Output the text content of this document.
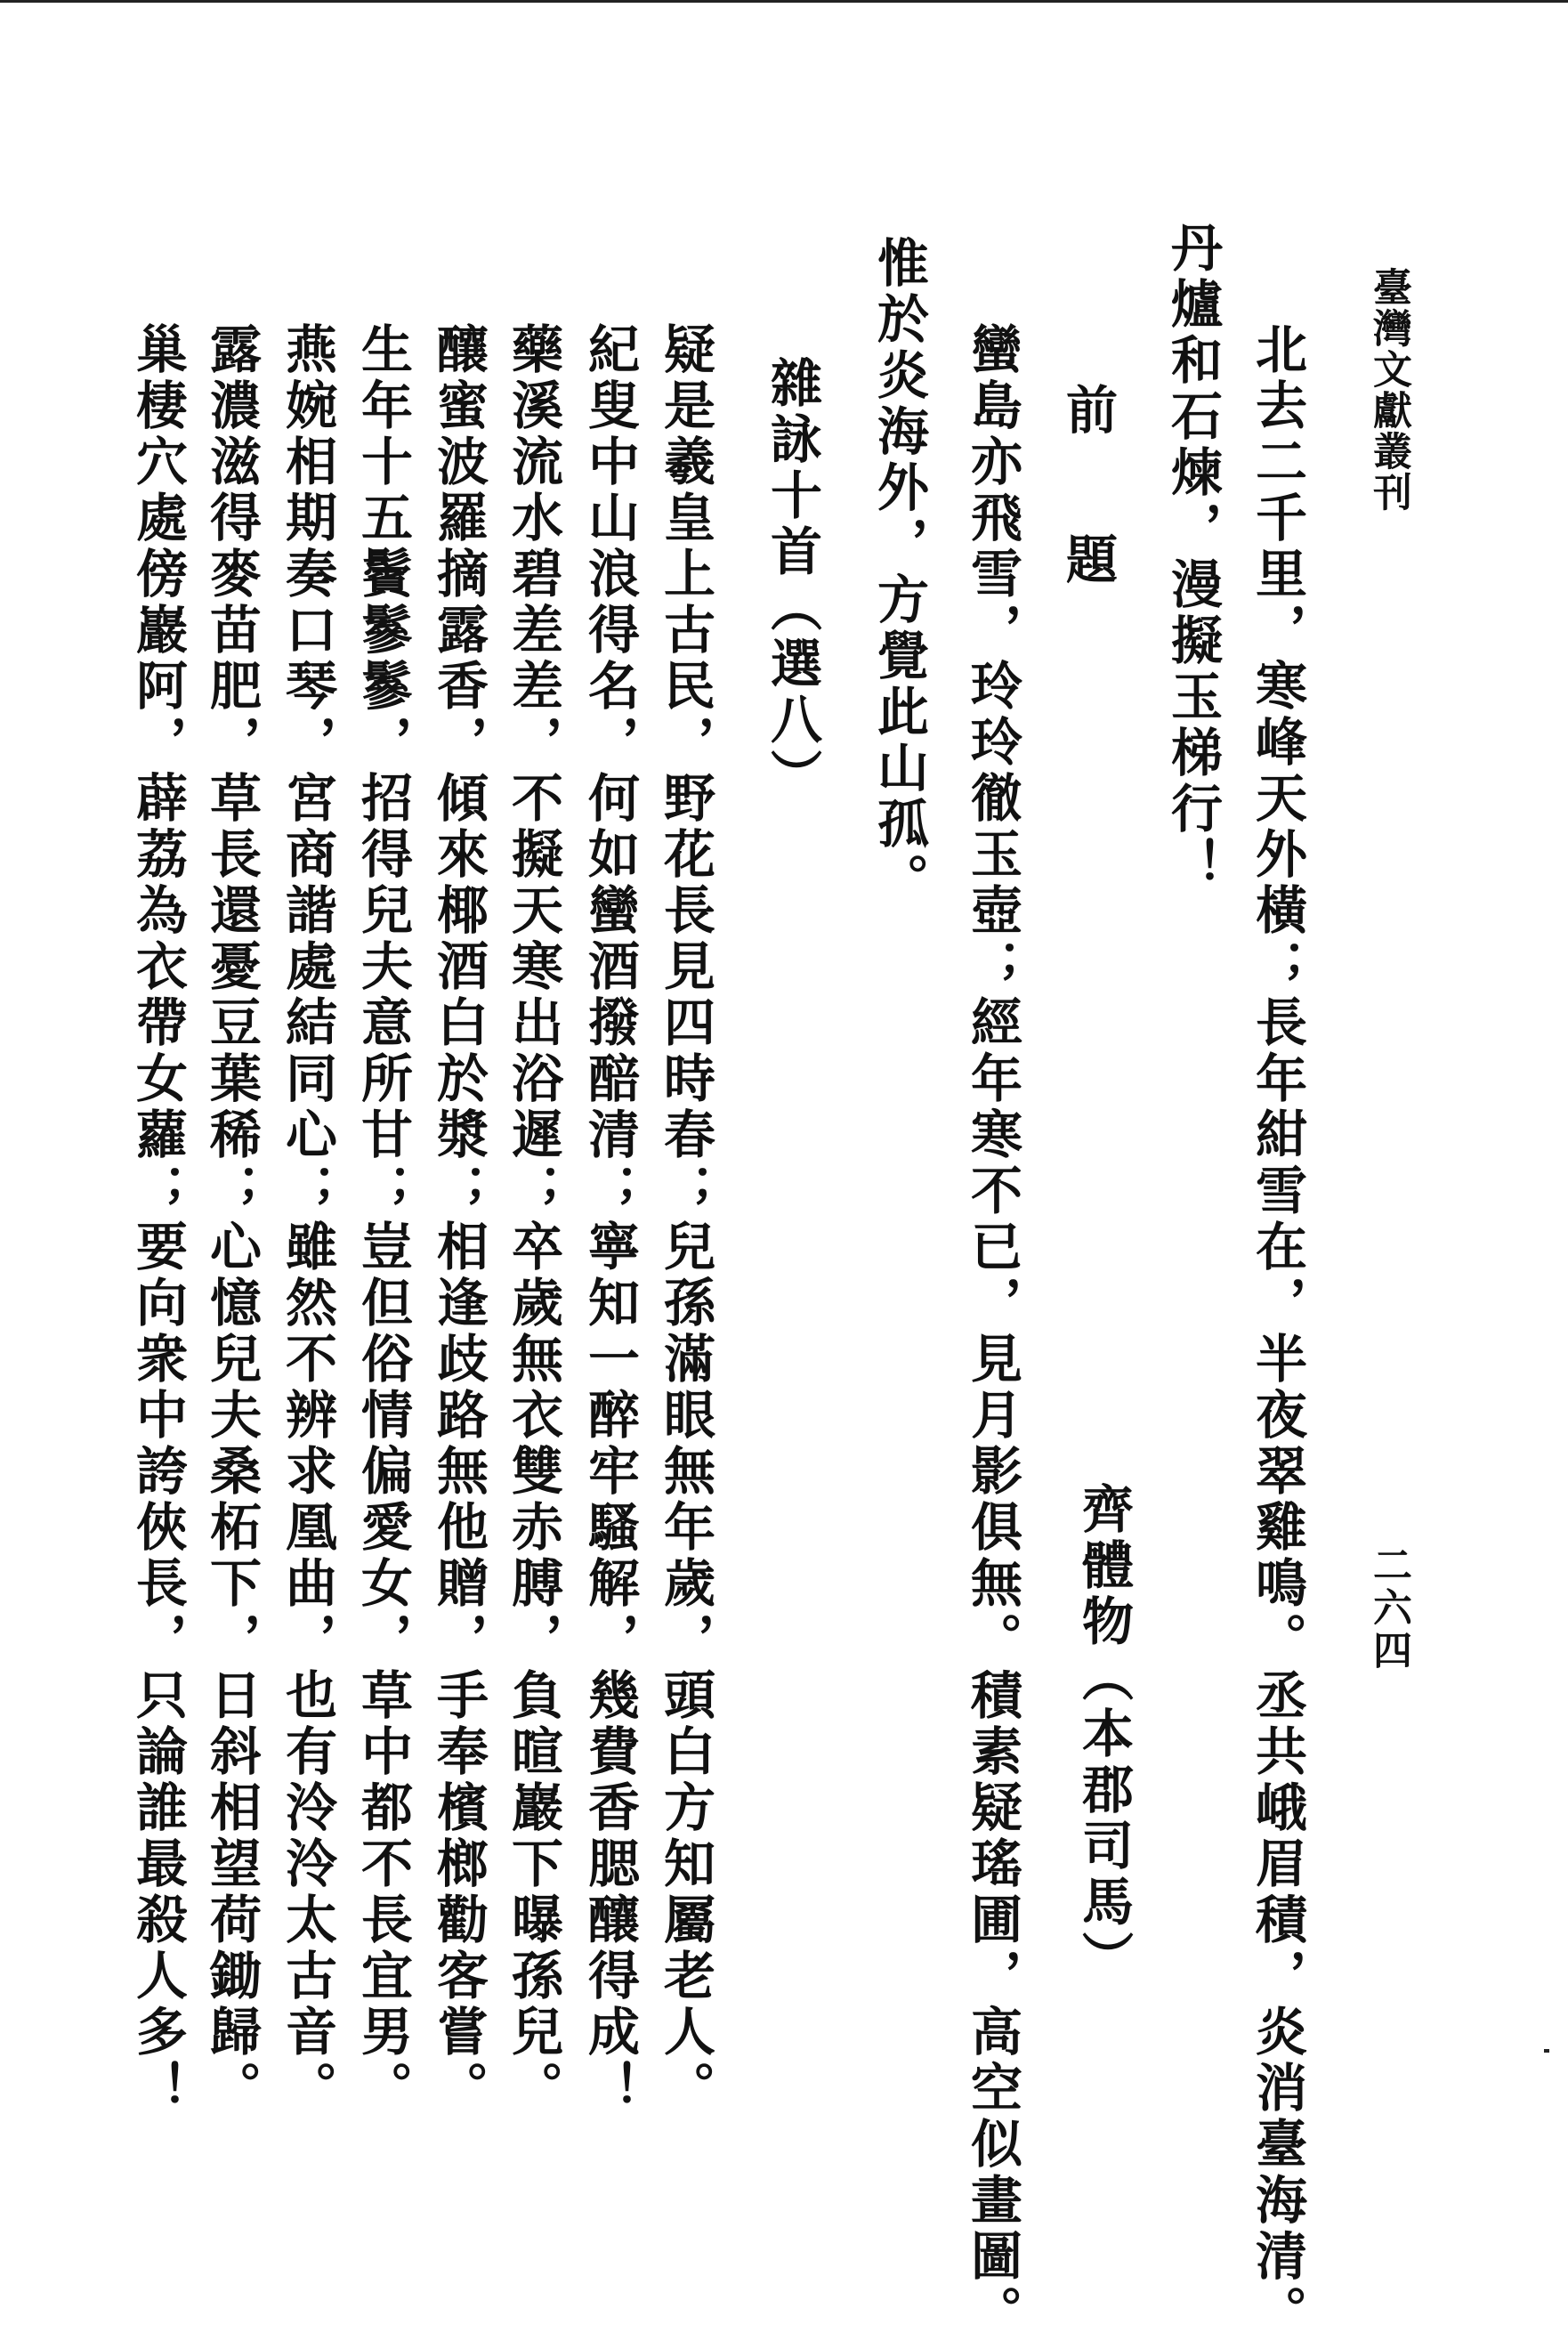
臺灣文獻叢刊
二六四
北去二千里，寒峰天外橫；長年紺雪在，半夜翠雞鳴。丞共峨眉積，炎消臺海清。
丹爐和石煉，漫擬玉梯行！
前　題
齊體物（本郡司馬）
蠻島亦飛雪，玲玲徹玉壺；經年寒不已，見月影俱無。積素疑瑤圃，高空似畫圖。
惟於炎海外，方覺此山孤。
雜詠十首（選八）
疑是羲皇上古民，野花長見四時春；兒孫滿眼無年歲，頭白方知屬老人。
紀叟中山浪得名，何如蠻酒撥醅清；寧知一醉牢騷解，幾費香腮釀得成！
藥溪流水碧差差，不擬天寒出浴遲；卒歲無衣雙赤膊，負暄巖下曝孫兒。
釀蜜波羅摘露香，傾來椰酒白於漿；相逢歧路無他贈，手奉檳榔勸客嘗。
生年十五鬢鬖鬖，招得兒夫意所甘；豈但俗情偏愛女，草中都不長宜男。
燕婉相期奏口琴，宮商諧處結同心；雖然不辨求凰曲，也有泠泠太古音。
露濃滋得麥苗肥，草長還憂豆葉稀；心憶兒夫桑柘下，日斜相望荷鋤歸。
巢棲穴處傍巖阿，薜荔為衣帶女蘿；要向衆中誇俠長，只論誰最殺人多！
